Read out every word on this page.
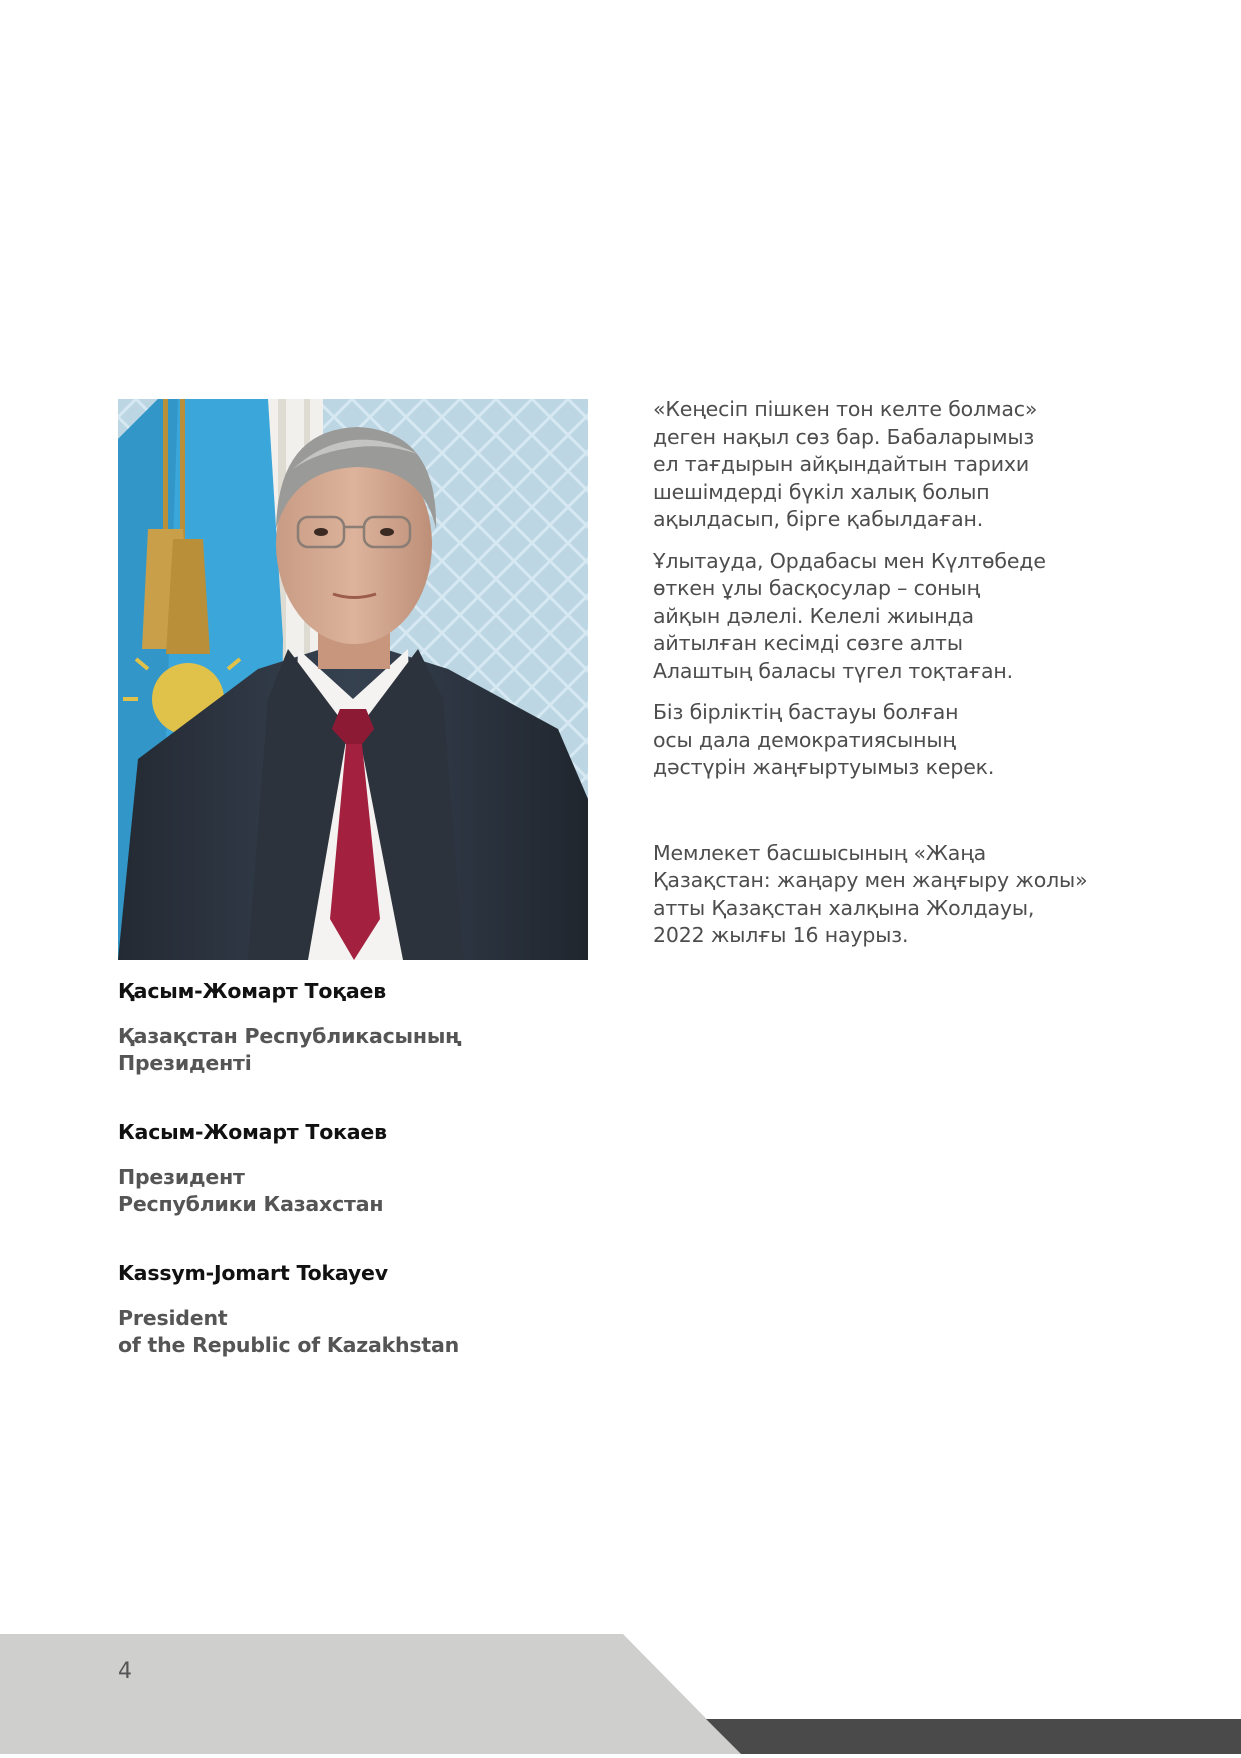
Қасым-Жомарт Тоқаев

Қазақстан Республикасының

Президенті

Касым-Жомарт Токаев

Президент

Республики Казахстан

Kassym-Jomart Tokayev

President

of the Republic of Kazakhstan

«Кеңесіп пішкен тон келте болмас»
деген нақыл сөз бар. Бабаларымыз
ел тағдырын айқындайтын тарихи
шешімдерді бүкіл халық болып
ақылдасып, бірге қабылдаған.

Ұлытауда, Ордабасы мен Күлтөбеде
өткен ұлы басқосулар – соның
айқын дәлелі. Келелі жиында
айтылған кесімді сөзге алты
Алаштың баласы түгел тоқтаған.

Біз бірліктің бастауы болған
осы дала демократиясының
дәстүрін жаңғыртуымыз керек.

Мемлекет басшысының «Жаңа
Қазақстан: жаңару мен жаңғыру жолы»
атты Қазақстан халқына Жолдауы,
2022 жылғы 16 наурыз.

4
